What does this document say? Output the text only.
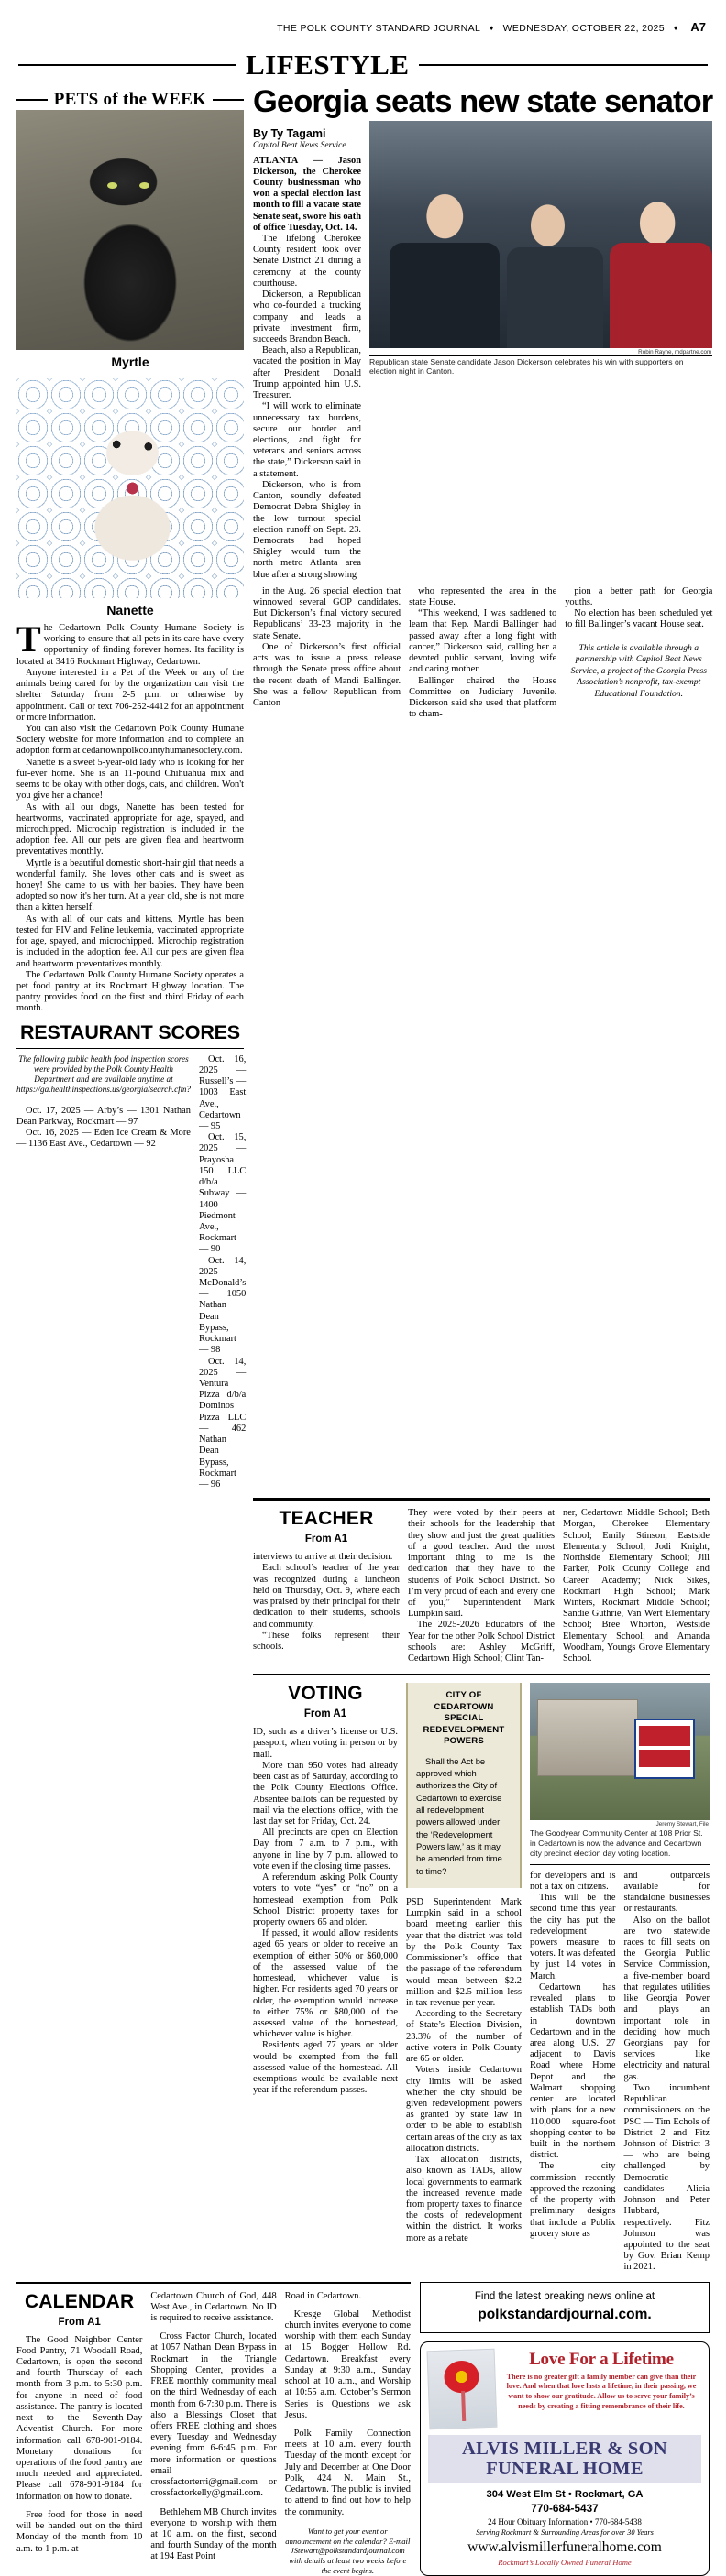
THE POLK COUNTY STANDARD JOURNAL ♦ WEDNESDAY, OCTOBER 22, 2025 ♦	A7
LIFESTYLE
PETS of the WEEK
Myrtle
Nanette

The Cedartown Polk County Humane Society is working to ensure that all pets in its care have every opportunity of finding forever homes. Its facility is located at 3416 Rockmart Highway, Cedartown.

Anyone interested in a Pet of the Week or any of the animals being cared for by the organization can visit the shelter Saturday from 2-5 p.m. or otherwise by appointment. Call or text 706-252-4412 for an appointment or more information.

You can also visit the Cedartown Polk County Humane Society website for more information and to complete an adoption form at cedartownpolkcountyhumanesociety.com.

Nanette is a sweet 5-year-old lady who is looking for her fur-ever home. She is an 11-pound Chihuahua mix and seems to be okay with other dogs, cats, and children. Won't you give her a chance!

As with all our dogs, Nanette has been tested for heartworms, vaccinated appropriate for age, spayed, and microchipped. Microchip registration is included in the adoption fee. All our pets are given flea and heartworm preventatives monthly.

Myrtle is a beautiful domestic short-hair girl that needs a wonderful family. She loves other cats and is sweet as honey! She came to us with her babies. They have been adopted so now it's her turn. At a year old, she is not more than a kitten herself.

As with all of our cats and kittens, Myrtle has been tested for FIV and Feline leukemia, vaccinated appropriate for age, spayed, and microchipped. Microchip registration is included in the adoption fee. All our pets are given flea and heartworm preventatives monthly.

The Cedartown Polk County Humane Society operates a pet food pantry at its Rockmart Highway location. The pantry provides food on the first and third Friday of each month.

RESTAURANT SCORES
The following public health food inspection scores were provided by the Polk County Health Department and are available anytime at https://ga.healthinspections.us/georgia/search.cfm?

Oct. 17, 2025 — Arby’s — 1301 Nathan Dean Parkway, Rockmart — 97

Oct. 16, 2025 — Eden Ice Cream & More — 1136 East Ave., Cedartown — 92

Oct. 16, 2025 — Russell’s — 1003 East Ave., Cedartown — 95

Oct. 15, 2025 — Prayosha 150 LLC d/b/a Subway — 1400 Piedmont Ave., Rockmart — 90

Oct. 14, 2025 — McDonald’s — 1050 Nathan Dean Bypass, Rockmart — 98

Oct. 14, 2025 — Ventura Pizza d/b/a Dominos Pizza LLC — 462 Nathan Dean Bypass, Rockmart — 96

Georgia seats new state senator
By Ty Tagami
Capitol Beat News Service

ATLANTA — Jason Dickerson, the Cherokee County businessman who won a special election last month to fill a vacate state Senate seat, swore his oath of office Tuesday, Oct. 14.

The lifelong Cherokee County resident took over Senate District 21 during a ceremony at the county courthouse.

Dickerson, a Republican who co-founded a trucking company and leads a private investment firm, succeeds Brandon Beach.

Beach, also a Republican, vacated the position in May after President Donald Trump appointed him U.S. Treasurer.

“I will work to eliminate unnecessary tax burdens, secure our border and elections, and fight for veterans and seniors across the state,” Dickerson said in a statement.

Dickerson, who is from Canton, soundly defeated Democrat Debra Shigley in the low turnout special election runoff on Sept. 23. Democrats had hoped Shigley would turn the north metro Atlanta area blue after a strong showing

Robin Rayne, mdpartne.com
Republican state Senate candidate Jason Dickerson celebrates his win with supporters on election night in Canton.

in the Aug. 26 special election that winnowed several GOP candidates. But Dickerson’s final victory secured Republicans’ 33-23 majority in the state Senate.

One of Dickerson’s first official acts was to issue a press release through the Senate press office about the recent death of Mandi Ballinger. She was a fellow Republican from Canton

who represented the area in the state House.

“This weekend, I was saddened to learn that Rep. Mandi Ballinger had passed away after a long fight with cancer,” Dickerson said, calling her a devoted public servant, loving wife and caring mother.

Ballinger chaired the House Committee on Judiciary Juvenile. Dickerson said she used that platform to cham-

pion a better path for Georgia youths.

No election has been scheduled yet to fill Ballinger’s vacant House seat.

This article is available through a partnership with Capitol Beat News Service, a project of the Georgia Press Association’s nonprofit, tax-exempt Educational Foundation.
TEACHER
From A1

interviews to arrive at their decision.

Each school’s teacher of the year was recognized during a luncheon held on Thursday, Oct. 9, where each was praised by their principal for their dedication to their students, schools and community.

“These folks represent their schools.

They were voted by their peers at their schools for the leadership that they show and just the great qualities of a good teacher. And the most important thing to me is the dedication that they have to the students of Polk School District. So I’m very proud of each and every one of you,” Superintendent Mark Lumpkin said.

The 2025-2026 Educators of the Year for the other Polk School District schools are: Ashley McGriff, Cedartown High School; Clint Tan-

ner, Cedartown Middle School; Beth Morgan, Cherokee Elementary School; Emily Stinson, Eastside Elementary School; Jodi Knight, Northside Elementary School; Jill Parker, Polk County College and Career Academy; Nick Sikes, Rockmart High School; Mark Winters, Rockmart Middle School; Sandie Guthrie, Van Wert Elementary School; Bree Whorton, Westside Elementary School; and Amanda Woodham, Youngs Grove Elementary School.

VOTING
From A1

ID, such as a driver’s license or U.S. passport, when voting in person or by mail.

More than 950 votes had already been cast as of Saturday, according to the Polk County Elections Office. Absentee ballots can be requested by mail via the elections office, with the last day set for Friday, Oct. 24.

All precincts are open on Election Day from 7 a.m. to 7 p.m., with anyone in line by 7 p.m. allowed to vote even if the closing time passes.

A referendum asking Polk County voters to vote “yes” or “no” on a homestead exemption from Polk School District property taxes for property owners 65 and older.

If passed, it would allow residents aged 65 years or older to receive an exemption of either 50% or $60,000 of the assessed value of the homestead, whichever value is higher. For residents aged 70 years or older, the exemption would increase to either 75% or $80,000 of the assessed value of the homestead, whichever value is higher.

Residents aged 77 years or older would be exempted from the full assessed value of the homestead. All exemptions would be available next year if the referendum passes.

CITY OF CEDARTOWN SPECIAL REDEVELOPMENT POWERS
Shall the Act be approved which authorizes the City of Cedartown to exercise all redevelopment powers allowed under the ‘Redevelopment Powers law,’ as it may be amended from time to time?

PSD Superintendent Mark Lumpkin said in a school board meeting earlier this year that the district was told by the Polk County Tax Commissioner’s office that the passage of the referendum would mean between $2.2 million and $2.5 million less in tax revenue per year.

According to the Secretary of State’s Election Division, 23.3% of the number of active voters in Polk County are 65 or older.

Voters inside Cedartown city limits will be asked whether the city should be given redevelopment powers as granted by state law in order to be able to establish certain areas of the city as tax allocation districts.

Tax allocation districts, also known as TADs, allow local governments to earmark the increased revenue made from property taxes to finance the costs of redevelopment within the district. It works more as a rebate

Jeremy Stewart, File
The Goodyear Community Center at 108 Prior St. in Cedartown is now the advance and Cedartown city precinct election day voting location.

for developers and is not a tax on citizens.

This will be the second time this year the city has put the redevelopment powers measure to voters. It was defeated by just 14 votes in March.

Cedartown has revealed plans to establish TADs both in downtown Cedartown and in the area along U.S. 27 adjacent to Davis Road where Home Depot and the Walmart shopping center are located with plans for a new 110,000 square-foot shopping center to be built in the northern district.

The city commission recently approved the rezoning of the property with preliminary designs that include a Publix grocery store as

and outparcels available for standalone businesses or restaurants.

Also on the ballot are two statewide races to fill seats on the Georgia Public Service Commission, a five-member board that regulates utilities like Georgia Power and plays an important role in deciding how much Georgians pay for services like electricity and natural gas.

Two incumbent Republican commissioners on the PSC — Tim Echols of District 2 and Fitz Johnson of District 3 — who are being challenged by Democratic candidates Alicia Johnson and Peter Hubbard, respectively. Fitz Johnson was appointed to the seat by Gov. Brian Kemp in 2021.

CALENDAR
From A1

The Good Neighbor Center Food Pantry, 71 Woodall Road, Cedartown, is open the second and fourth Thursday of each month from 3 p.m. to 5:30 p.m. for anyone in need of food assistance. The pantry is located next to the Seventh-Day Adventist Church. For more information call 678-901-9184. Monetary donations for operations of the food pantry are much needed and appreciated. Please call 678-901-9184 for information on how to donate.

Free food for those in need will be handed out on the third Monday of the month from 10 a.m. to 1 p.m. at

Cedartown Church of God, 448 West Ave., in Cedartown. No ID is required to receive assistance.

Cross Factor Church, located at 1057 Nathan Dean Bypass in Rockmart in the Triangle Shopping Center, provides a FREE monthly community meal on the third Wednesday of each month from 6-7:30 p.m. There is also a Blessings Closet that offers FREE clothing and shoes every Tuesday and Wednesday evening from 6-6:45 p.m. For more information or questions email crossfactorterri@gmail.com or crossfactorkelly@gmail.com.

Bethlehem MB Church invites everyone to worship with them at 10 a.m. on the first, second and fourth Sunday of the month at 194 East Point

Road in Cedartown.

Kresge Global Methodist church invites everyone to come worship with them each Sunday at 15 Bogger Hollow Rd. Cedartown. Breakfast every Sunday at 9:30 a.m., Sunday school at 10 a.m., and Worship at 10:55 a.m. October’s Sermon Series is Questions we ask Jesus.

Polk Family Connection meets at 10 a.m. every fourth Tuesday of the month except for July and December at One Door Polk, 424 N. Main St., Cedartown. The public is invited to attend to find out how to help the community.

Want to get your event or announcement on the calendar? E-mail JStewart@polkstandardjournal.com with details at least two weeks before the event begins.
Find the latest breaking news online at
polkstandardjournal.com.
Love For a Lifetime
There is no greater gift a family member can give than their love. And when that love lasts a lifetime, in their passing, we want to show our gratitude. Allow us to serve your family’s needs by creating a fitting remembrance of their life.
ALVIS MILLER & SON
FUNERAL HOME
304 West Elm St • Rockmart, GA
770-684-5437
24 Hour Obituary Information • 770-684-5438
Serving Rockmart & Surrounding Areas for over 30 Years
www.alvismillerfuneralhome.com
Rockmart’s Locally Owned Funeral Home
